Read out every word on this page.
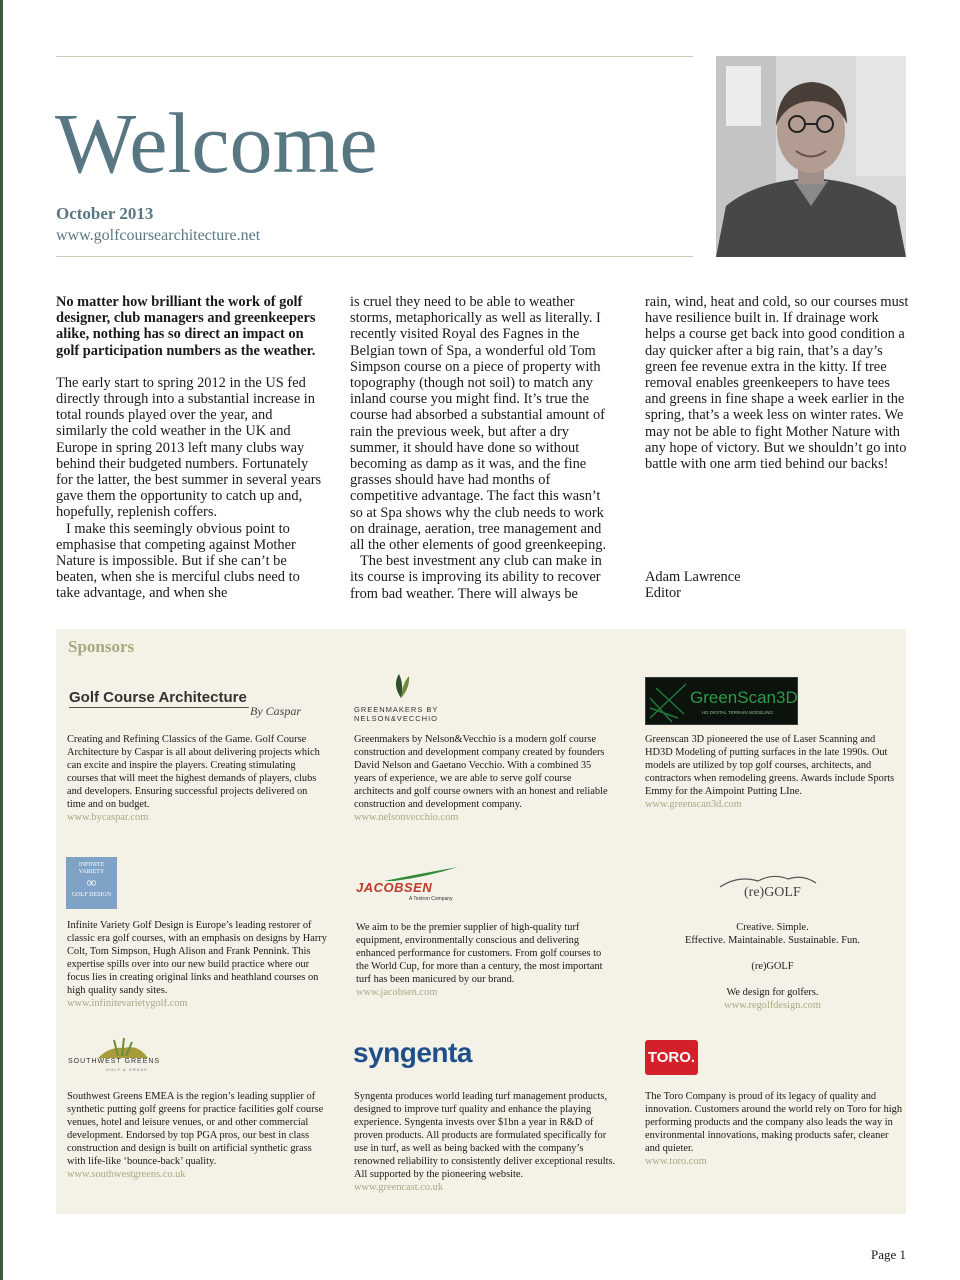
Welcome
October 2013
www.golfcoursearchitecture.net

No matter how brilliant the work of golf designer, club managers and greenkeepers alike, nothing has so direct an impact on golf participation numbers as the weather.

The early start to spring 2012 in the US fed directly through into a substantial increase in total rounds played over the year, and similarly the cold weather in the UK and Europe in spring 2013 left many clubs way behind their budgeted numbers. Fortunately for the latter, the best summer in several years gave them the opportunity to catch up and, hopefully, replenish coffers.

I make this seemingly obvious point to emphasise that competing against Mother Nature is impossible. But if she can’t be beaten, when she is merciful clubs need to take advantage, and when she

is cruel they need to be able to weather storms, metaphorically as well as literally. I recently visited Royal des Fagnes in the Belgian town of Spa, a wonderful old Tom Simpson course on a piece of property with topography (though not soil) to match any inland course you might find. It’s true the course had absorbed a substantial amount of rain the previous week, but after a dry summer, it should have done so without becoming as damp as it was, and the fine grasses should have had months of competitive advantage. The fact this wasn’t so at Spa shows why the club needs to work on drainage, aeration, tree management and all the other elements of good greenkeeping.

The best investment any club can make in its course is improving its ability to recover from bad weather. There will always be

rain, wind, heat and cold, so our courses must have resilience built in. If drainage work helps a course get back into good condition a day quicker after a big rain, that’s a day’s green fee revenue extra in the kitty. If tree removal enables greenkeepers to have tees and greens in fine shape a week earlier in the spring, that’s a week less on winter rates. We may not be able to fight Mother Nature with any hope of victory. But we shouldn’t go into battle with one arm tied behind our backs!

Adam Lawrence
Editor
Sponsors
Golf Course Architecture
By Caspar
Creating and Refining Classics of the Game. Golf Course Architecture by Caspar is all about delivering projects which can excite and inspire the players. Creating stimulating courses that will meet the highest demands of players, clubs and developers. Ensuring successful projects delivered on time and on budget.
www.bycaspar.com
GREENMAKERS BY
NELSON&VECCHIO
Greenmakers by Nelson&Vecchio is a modern golf course construction and development company created by founders David Nelson and Gaetano Vecchio. With a combined 35 years of experience, we are able to serve golf course architects and golf course owners with an honest and reliable construction and development company.
www.nelsonvecchio.com
GreenScan3D
HD DIGITAL TERRAIN MODELING
Greenscan 3D pioneered the use of Laser Scanning and HD3D Modeling of putting surfaces in the late 1990s. Out models are utilized by top golf courses, architects, and contractors when remodeling greens. Awards include Sports Emmy for the Aimpoint Putting LIne.
www.greenscan3d.com
INFINITE VARIETY
∞
GOLF DESIGN
Infinite Variety Golf Design is Europe’s leading restorer of classic era golf courses, with an emphasis on designs by Harry Colt, Tom Simpson, Hugh Alison and Frank Pennink. This expertise spills over into our new build practice where our focus lies in creating original links and heathland courses on high quality sandy sites.
www.infinitevarietygolf.com
JACOBSEN
A Textron Company
We aim to be the premier supplier of high-quality turf equipment, environmentally conscious and delivering enhanced performance for customers. From golf courses to the World Cup, for more than a century, the most important turf has been manicured by our brand.
www.jacobsen.com
(re)GOLF
Creative. Simple.
Effective. Maintainable. Sustainable. Fun.
(re)GOLF
We design for golfers.
www.regolfdesign.com
SOUTHWEST GREENS
GOLF & GRASS
Southwest Greens EMEA is the region’s leading supplier of synthetic putting golf greens for practice facilities golf course venues, hotel and leisure venues, or and other commercial development. Endorsed by top PGA pros, our best in class construction and design is built on artificial synthetic grass with life-like ‘bounce-back’ quality.
www.southwestgreens.co.uk
syngenta
Syngenta produces world leading turf management products, designed to improve turf quality and enhance the playing experience. Syngenta invests over $1bn a year in R&D of proven products. All products are formulated specifically for use in turf, as well as being backed with the company’s renowned reliability to consistently deliver exceptional results. All supported by the pioneering website.
www.greencast.co.uk
TORO.
The Toro Company is proud of its legacy of quality and innovation. Customers around the world rely on Toro for high performing products and the company also leads the way in environmental innovations, making products safer, cleaner and quieter.
www.toro.com
Page 1
